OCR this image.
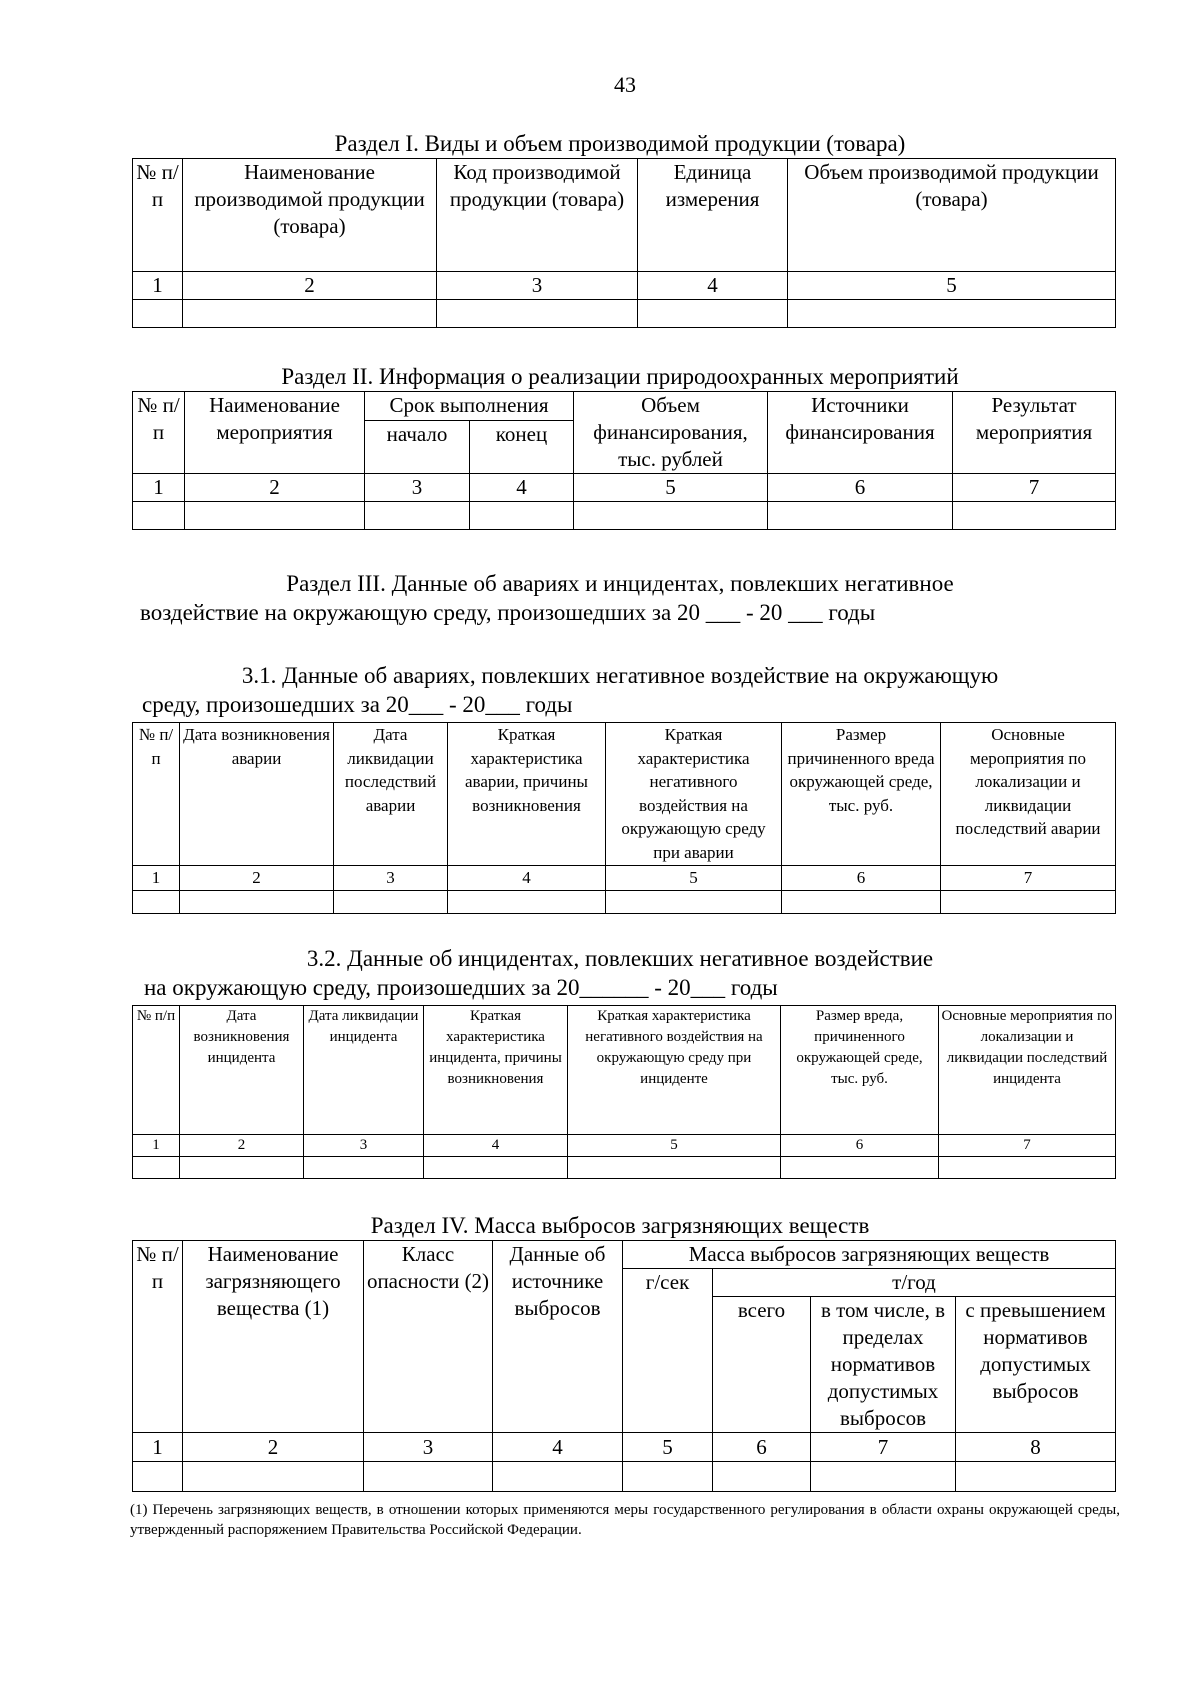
43
Раздел I. Виды и объем производимой продукции (товара)
№ п/п	Наименование производимой продукции (товара)	Код производимой продукции (товара)	Единица измерения	Объем производимой продукции (товара)
1	2	3	4	5

Раздел II. Информация о реализации природоохранных мероприятий
№ п/п	Наименование мероприятия	Срок выполнения		Объем финансирования, тыс. рублей	Источники финансирования	Результат мероприятия
		начало	конец			
1	2	3	4	5	6	7

Раздел III. Данные об авариях и инцидентах, повлекших негативное
воздействие на окружающую среду, произошедших за 20 ___ - 20 ___ годы
3.1. Данные об авариях, повлекших негативное воздействие на окружающую
среду, произошедших за 20___ - 20___ годы
№ п/п	Дата возникновения аварии	Дата ликвидации последствий аварии	Краткая характеристика аварии, причины возникновения	Краткая характеристика негативного воздействия на окружающую среду при аварии	Размер причиненного вреда окружающей среде, тыс. руб.	Основные мероприятия по локализации и ликвидации последствий аварии
1	2	3	4	5	6	7

3.2. Данные об инцидентах, повлекших негативное воздействие
на окружающую среду, произошедших за 20______ - 20___ годы
№ п/п	Дата возникновения инцидента	Дата ликвидации инцидента	Краткая характеристика инцидента, причины возникновения	Краткая характеристика негативного воздействия на окружающую среду при инциденте	Размер вреда, причиненного окружающей среде, тыс. руб.	Основные мероприятия по локализации и ликвидации последствий инцидента
1	2	3	4	5	6	7

Раздел IV. Масса выбросов загрязняющих веществ
№ п/ п	Наименование загрязняющего вещества (1)	Класс опасности (2)	Данные об источнике выбросов	Масса выбросов загрязняющих веществ			
				г/сек	т/год		
					всего	в том числе, в пределах нормативов допустимых выбросов	с превышением нормативов допустимых выбросов
1	2	3	4	5	6	7	8

(1) Перечень загрязняющих веществ, в отношении которых применяются меры государственного регулирования в области охраны окружающей среды, утвержденный распоряжением Правительства Российской Федерации.
